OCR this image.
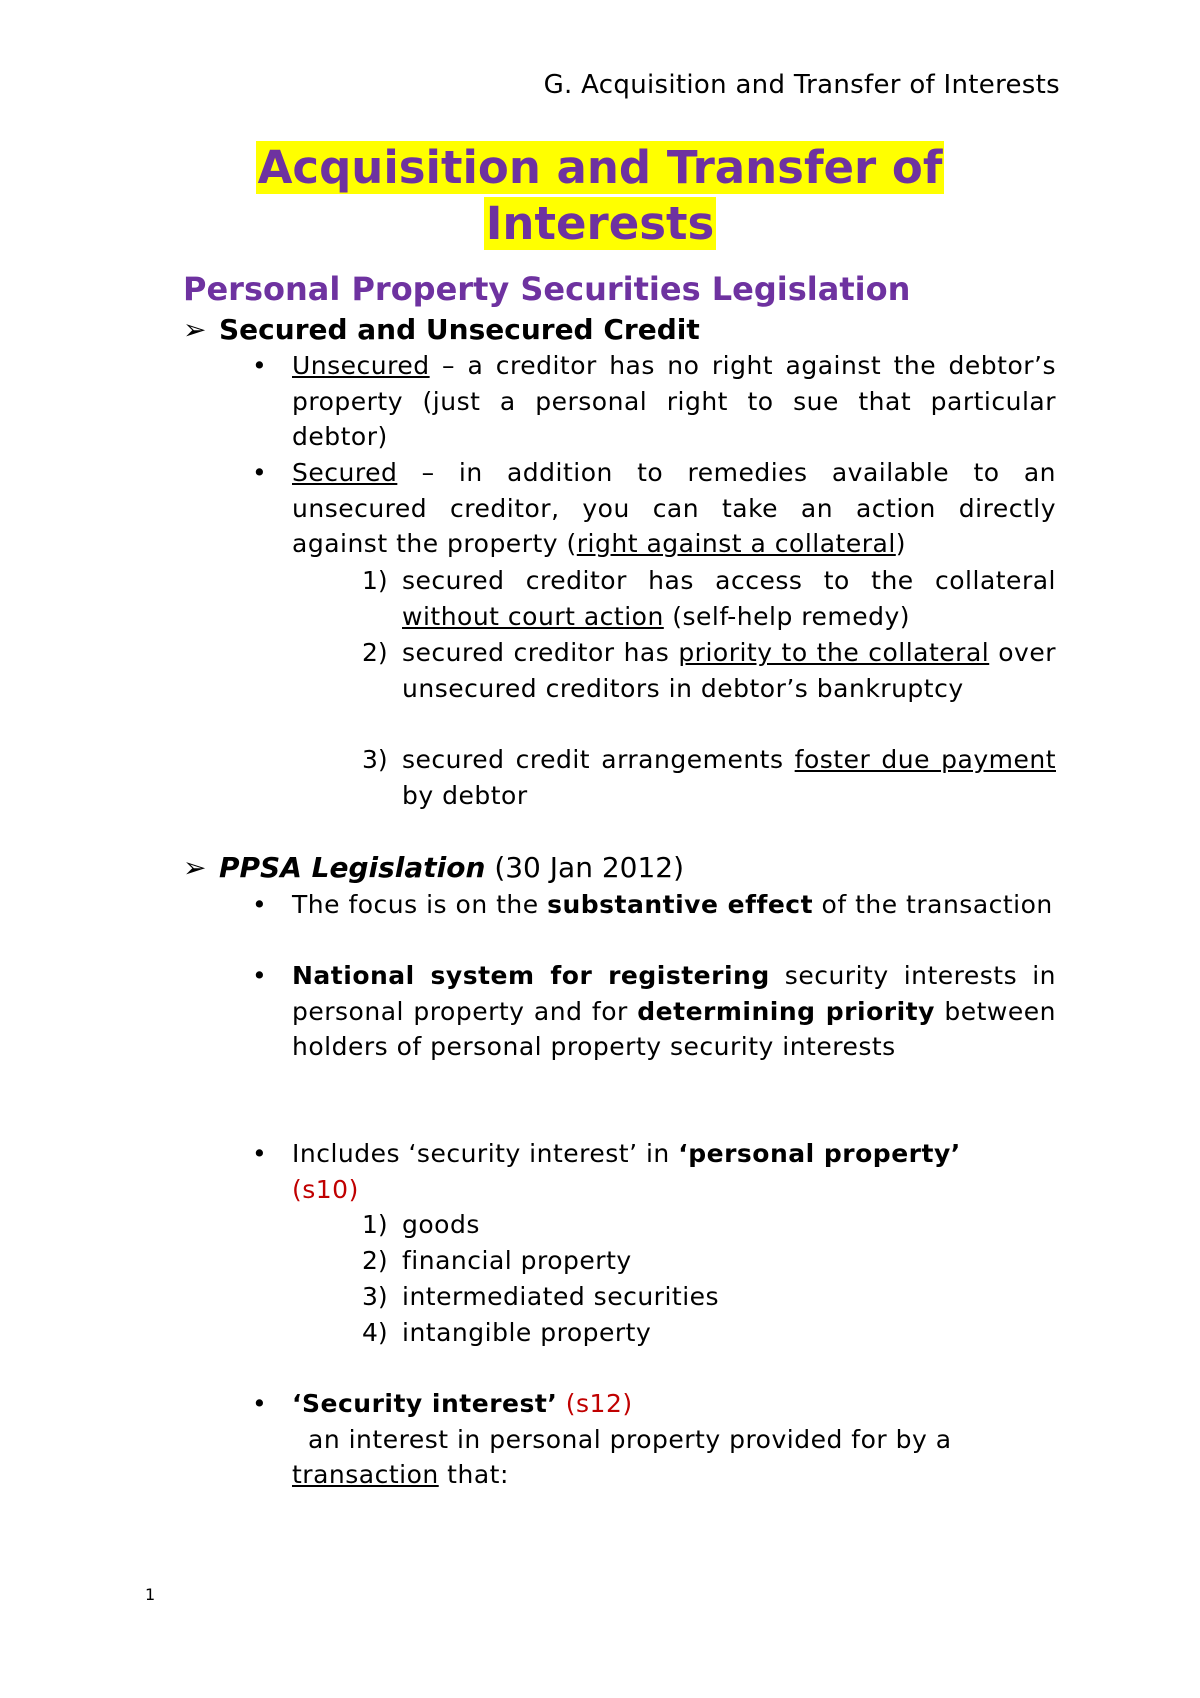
G. Acquisition and Transfer of Interests
Acquisition and Transfer of
Interests
Personal Property Securities Legislation
➢ Secured and Unsecured Credit
• Unsecured – a creditor has no right against the debtor’s property (just a personal right to sue that particular debtor)

• Secured – in addition to remedies available to an unsecured creditor, you can take an action directly against the property (right against a collateral)

1) secured creditor has access to the collateral without court action (self-help remedy)

2) secured creditor has priority to the collateral over unsecured creditors in debtor’s bankruptcy

3) secured credit arrangements foster due payment by debtor

➢ PPSA Legislation (30 Jan 2012)
• The focus is on the substantive effect of the transaction

• National system for registering security interests in personal property and for determining priority between holders of personal property security interests

• Includes ‘security interest’ in ‘personal property’
(s10)

1) goods
2) financial property
3) intermediated securities
4) intangible property
• ‘Security interest’ (s12)

an interest in personal property provided for by a

transaction that:

1
